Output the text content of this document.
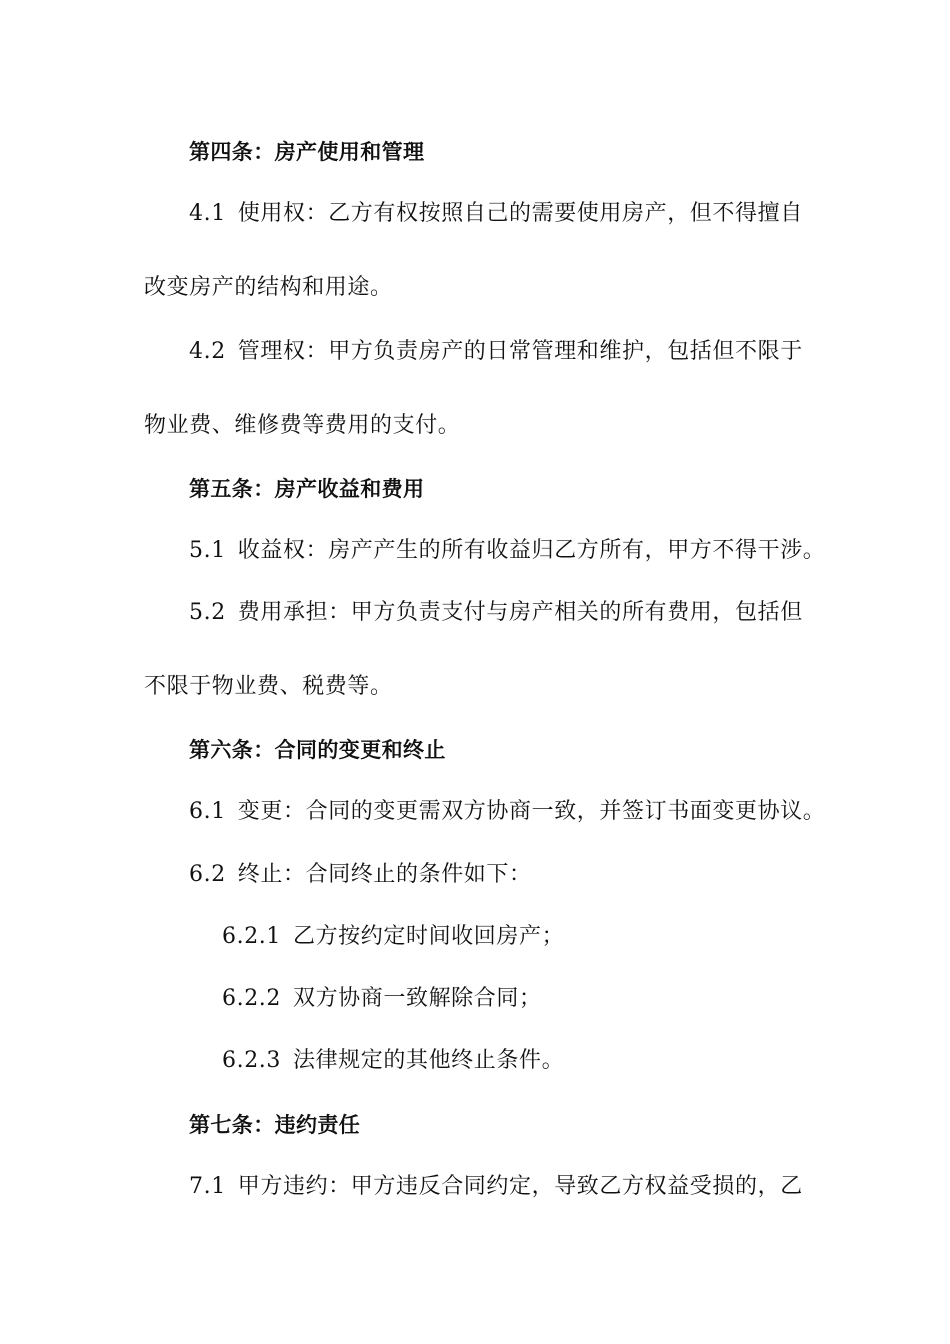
第四条：房产使用和管理
4.1 使用权：乙方有权按照自己的需要使用房产，但不得擅自
改变房产的结构和用途。
4.2 管理权：甲方负责房产的日常管理和维护，包括但不限于
物业费、维修费等费用的支付。
第五条：房产收益和费用
5.1 收益权：房产产生的所有收益归乙方所有，甲方不得干涉。
5.2 费用承担：甲方负责支付与房产相关的所有费用，包括但
不限于物业费、税费等。
第六条：合同的变更和终止
6.1 变更：合同的变更需双方协商一致，并签订书面变更协议。
6.2 终止：合同终止的条件如下：
6.2.1 乙方按约定时间收回房产；
6.2.2 双方协商一致解除合同；
6.2.3 法律规定的其他终止条件。
第七条：违约责任
7.1 甲方违约：甲方违反合同约定，导致乙方权益受损的，乙
